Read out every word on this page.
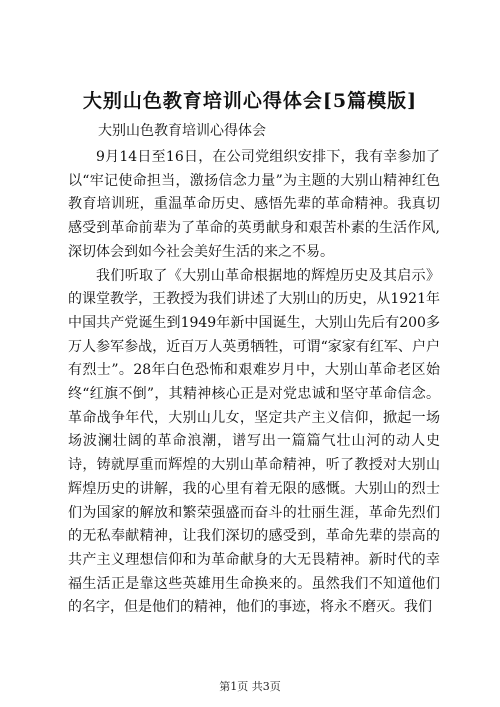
大别山色教育培训心得体会[5篇模版]
大别山色教育培训心得体会

9月14日至16日，在公司党组织安排下，我有幸参加了以“牢记使命担当，激扬信念力量”为主题的大别山精神红色教育培训班，重温革命历史、感悟先辈的革命精神。我真切感受到革命前辈为了革命的英勇献身和艰苦朴素的生活作风,深切体会到如今社会美好生活的来之不易。

我们听取了《大别山革命根据地的辉煌历史及其启示》的课堂教学，王教授为我们讲述了大别山的历史，从1921年中国共产党诞生到1949年新中国诞生，大别山先后有200多万人参军参战，近百万人英勇牺牲，可谓“家家有红军、户户有烈士”。28年白色恐怖和艰难岁月中，大别山革命老区始终“红旗不倒”，其精神核心正是对党忠诚和坚守革命信念。革命战争年代，大别山儿女，坚定共产主义信仰，掀起一场场波澜壮阔的革命浪潮，谱写出一篇篇气壮山河的动人史诗，铸就厚重而辉煌的大别山革命精神，听了教授对大别山辉煌历史的讲解，我的心里有着无限的感慨。大别山的烈士们为国家的解放和繁荣强盛而奋斗的壮丽生涯，革命先烈们的无私奉献精神，让我们深切的感受到，革命先辈的崇高的共产主义理想信仰和为革命献身的大无畏精神。新时代的幸福生活正是靠这些英雄用生命换来的。虽然我们不知道他们的名字，但是他们的精神，他们的事迹，将永不磨灭。我们

第1页 共3页
